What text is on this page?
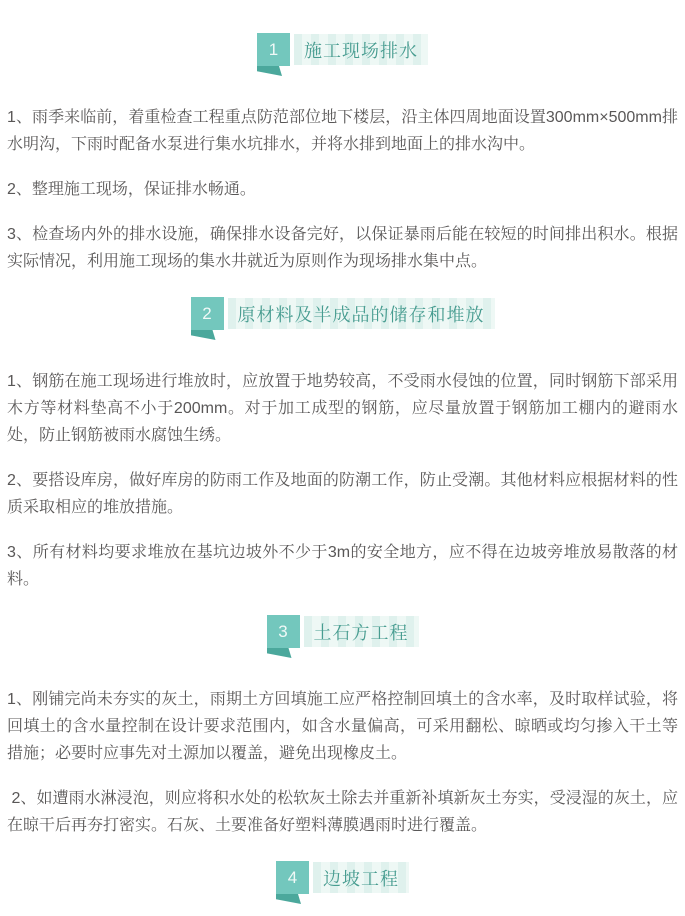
1 施工现场排水

1、雨季来临前，着重检查工程重点防范部位地下楼层，沿主体四周地面设置300mm×500mm排水明沟，下雨时配备水泵进行集水坑排水，并将水排到地面上的排水沟中。

2、整理施工现场，保证排水畅通。

3、检查场内外的排水设施，确保排水设备完好，以保证暴雨后能在较短的时间排出积水。根据实际情况，利用施工现场的集水井就近为原则作为现场排水集中点。

2 原材料及半成品的储存和堆放

1、钢筋在施工现场进行堆放时，应放置于地势较高，不受雨水侵蚀的位置，同时钢筋下部采用木方等材料垫高不小于200mm。对于加工成型的钢筋，应尽量放置于钢筋加工棚内的避雨水处，防止钢筋被雨水腐蚀生绣。

2、要搭设库房，做好库房的防雨工作及地面的防潮工作，防止受潮。其他材料应根据材料的性质采取相应的堆放措施。

3、所有材料均要求堆放在基坑边坡外不少于3m的安全地方，应不得在边坡旁堆放易散落的材料。

3 土石方工程

1、刚铺完尚未夯实的灰土，雨期土方回填施工应严格控制回填土的含水率，及时取样试验，将回填土的含水量控制在设计要求范围内，如含水量偏高，可采用翻松、晾晒或均匀掺入干土等措施；必要时应事先对土源加以覆盖，避免出现橡皮土。

2、如遭雨水淋浸泡，则应将积水处的松软灰土除去并重新补填新灰土夯实，受浸湿的灰土，应在晾干后再夯打密实。石灰、土要准备好塑料薄膜遇雨时进行覆盖。

4 边坡工程
